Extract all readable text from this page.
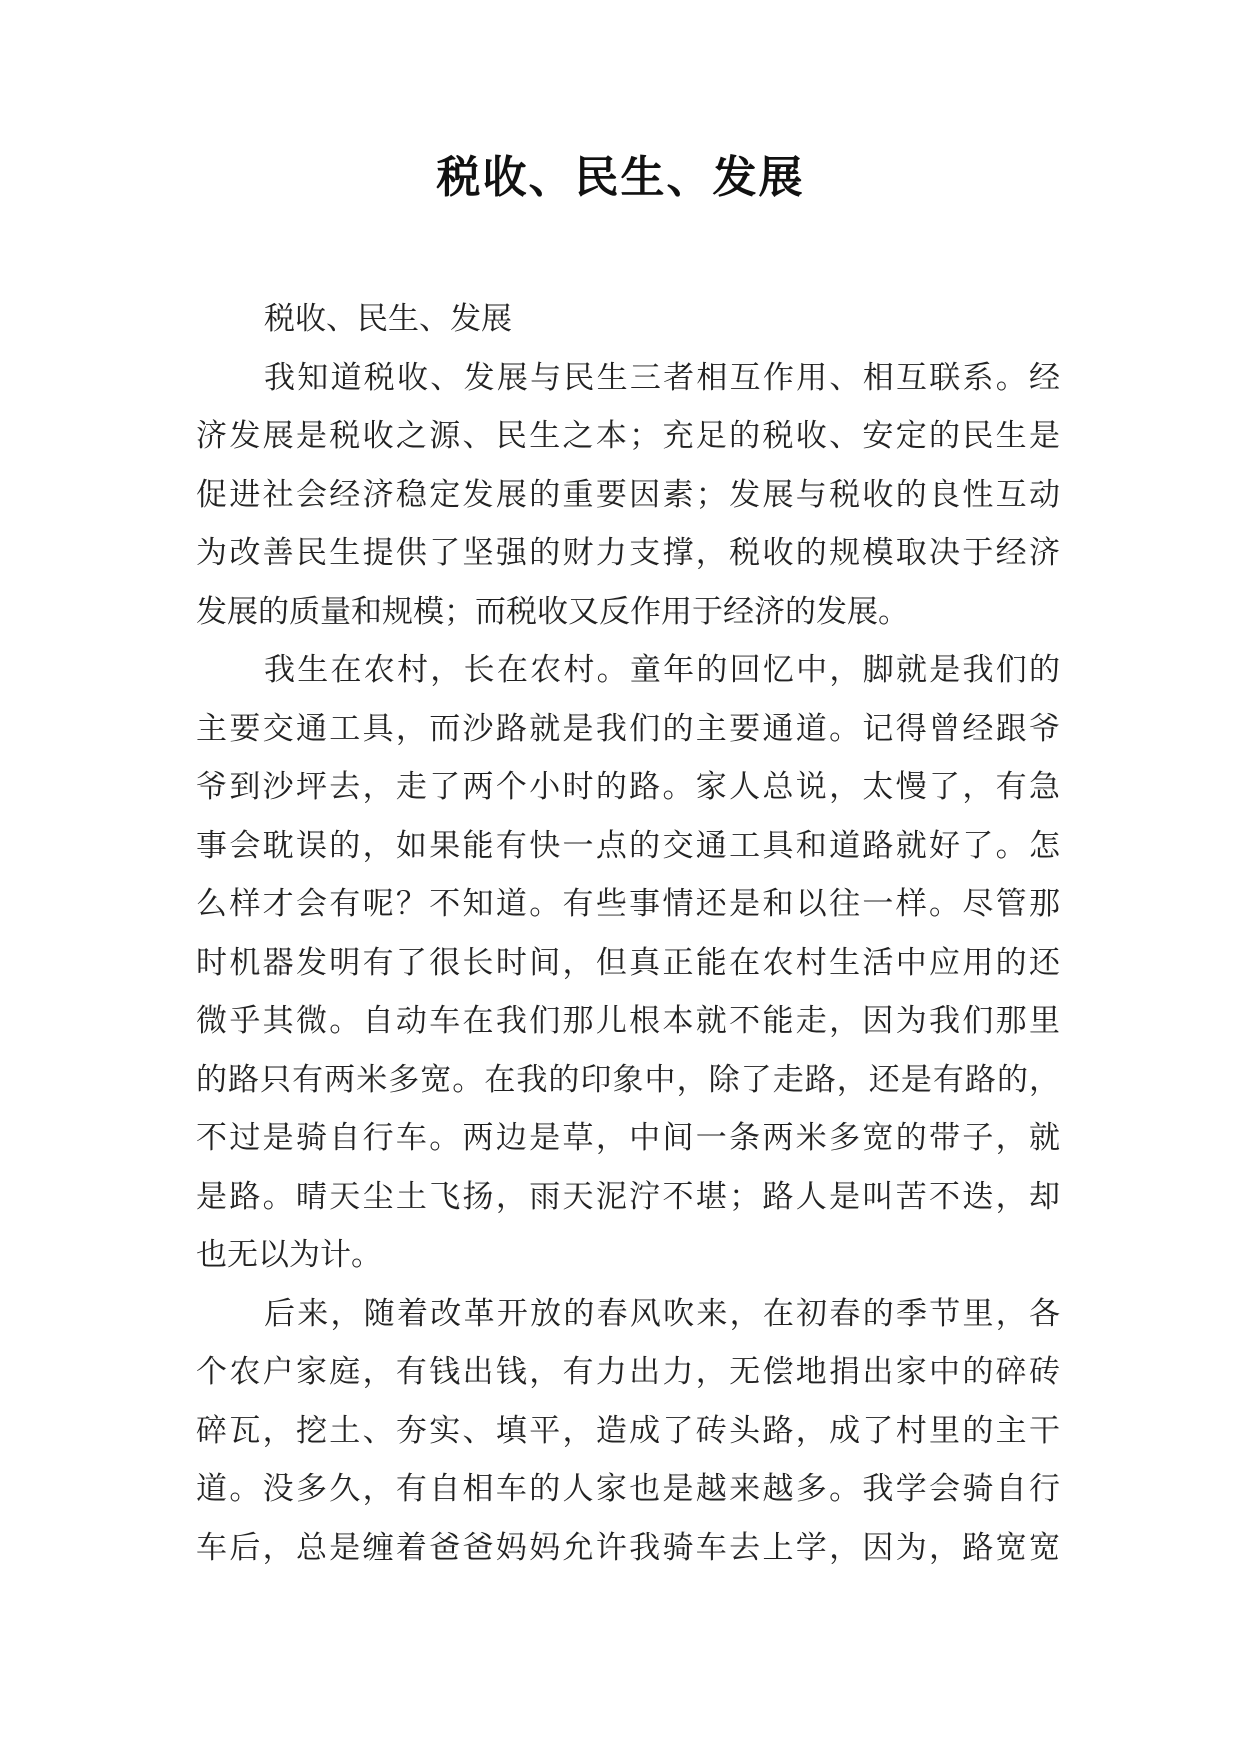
税收、民生、发展
税收、民生、发展
我知道税收、发展与民生三者相互作用、相互联系。经
济发展是税收之源、民生之本；充足的税收、安定的民生是
促进社会经济稳定发展的重要因素；发展与税收的良性互动
为改善民生提供了坚强的财力支撑，税收的规模取决于经济
发展的质量和规模；而税收又反作用于经济的发展。
我生在农村，长在农村。童年的回忆中，脚就是我们的
主要交通工具，而沙路就是我们的主要通道。记得曾经跟爷
爷到沙坪去，走了两个小时的路。家人总说，太慢了，有急
事会耽误的，如果能有快一点的交通工具和道路就好了。怎
么样才会有呢？不知道。有些事情还是和以往一样。尽管那
时机器发明有了很长时间，但真正能在农村生活中应用的还
微乎其微。自动车在我们那儿根本就不能走，因为我们那里
的路只有两米多宽。在我的印象中，除了走路，还是有路的，
不过是骑自行车。两边是草，中间一条两米多宽的带子，就
是路。晴天尘土飞扬，雨天泥泞不堪；路人是叫苦不迭，却
也无以为计。
后来，随着改革开放的春风吹来，在初春的季节里，各
个农户家庭，有钱出钱，有力出力，无偿地捐出家中的碎砖
碎瓦，挖土、夯实、填平，造成了砖头路，成了村里的主干
道。没多久，有自相车的人家也是越来越多。我学会骑自行
车后，总是缠着爸爸妈妈允许我骑车去上学，因为，路宽宽
